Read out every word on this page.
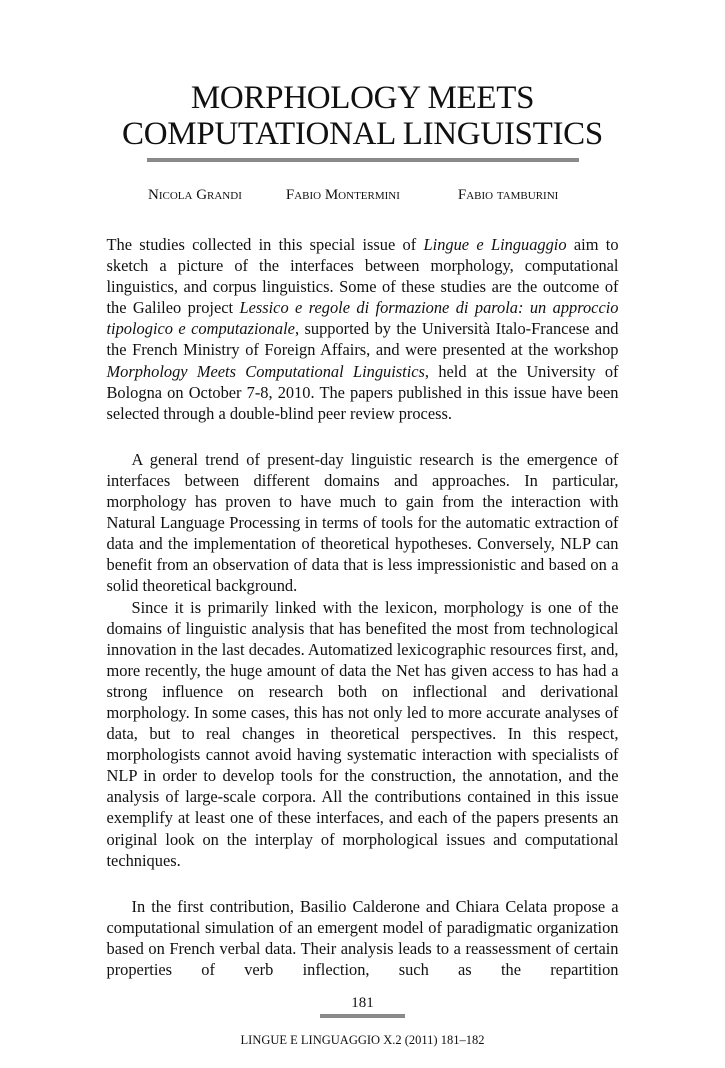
MORPHOLOGY MEETS
COMPUTATIONAL LINGUISTICS
Nicola Grandi	Fabio Montermini	Fabio tamburini

The studies collected in this special issue of Lingue e Linguaggio aim to sketch a picture of the interfaces between morphology, computational linguistics, and corpus linguistics. Some of these studies are the outcome of the Galileo project Lessico e regole di formazione di parola: un approccio tipologico e computazionale, supported by the Università Italo-Francese and the French Ministry of Foreign Affairs, and were presented at the workshop Morphology Meets Computational Linguistics, held at the University of Bologna on October 7-8, 2010. The papers published in this issue have been selected through a double-blind peer review process.

A general trend of present-day linguistic research is the emergence of interfaces between different domains and approaches. In particular, morphology has proven to have much to gain from the interaction with Natural Language Processing in terms of tools for the automatic extraction of data and the implementation of theoretical hypotheses. Conversely, NLP can benefit from an observation of data that is less impressionistic and based on a solid theoretical background.

Since it is primarily linked with the lexicon, morphology is one of the domains of linguistic analysis that has benefited the most from technological innovation in the last decades. Automatized lexicographic resources first, and, more recently, the huge amount of data the Net has given access to has had a strong influence on research both on inflectional and derivational morphology. In some cases, this has not only led to more accurate analyses of data, but to real changes in theoretical perspectives. In this respect, morphologists cannot avoid having systematic interaction with specialists of NLP in order to develop tools for the construction, the annotation, and the analysis of large-scale corpora. All the contributions contained in this issue exemplify at least one of these interfaces, and each of the papers presents an original look on the interplay of morphological issues and computational techniques.

In the first contribution, Basilio Calderone and Chiara Celata propose a computational simulation of an emergent model of paradigmatic organization based on French verbal data. Their analysis leads to a reassessment of certain properties of verb inflection, such as the repartition

181
LINGUE E LINGUAGGIO X.2 (2011) 181–182
